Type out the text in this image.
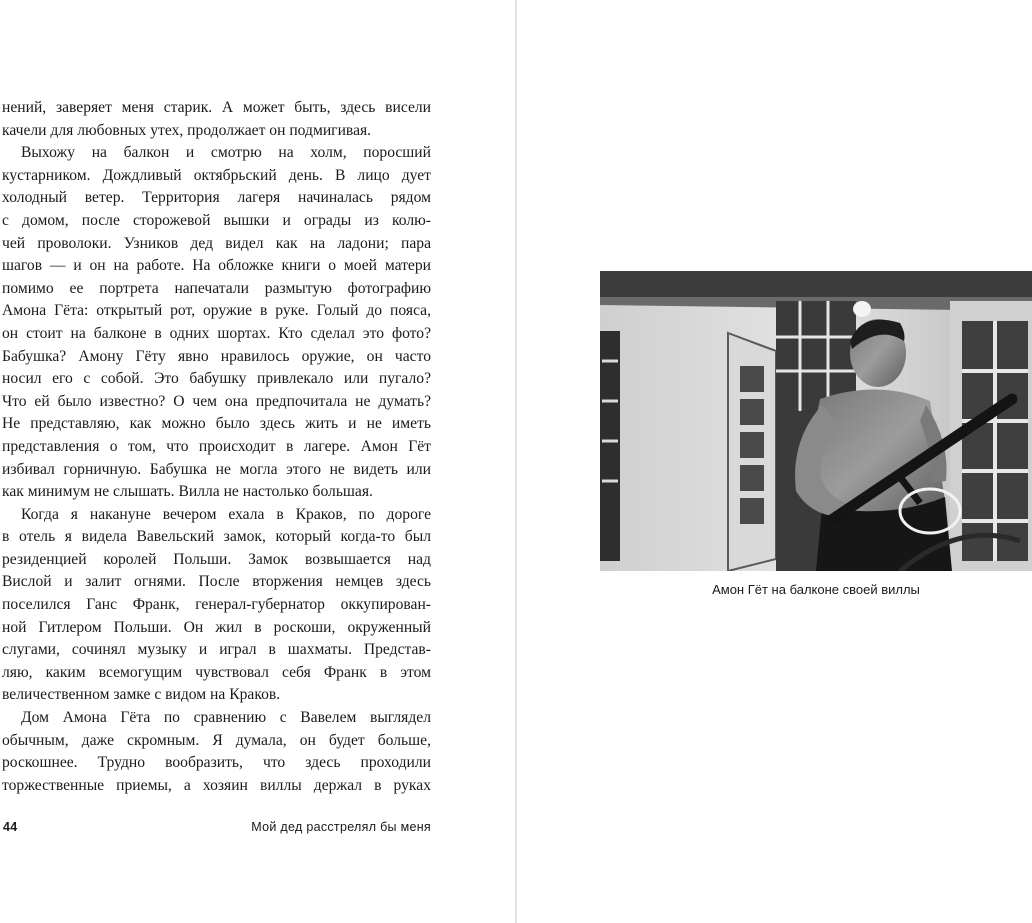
нений, заверяет меня старик. А может быть, здесь висели
качели для любовных утех, продолжает он подмигивая.
Выхожу на балкон и смотрю на холм, поросший
кустарником. Дождливый октябрьский день. В лицо дует
холодный ветер. Территория лагеря начиналась рядом
с домом, после сторожевой вышки и ограды из колю-
чей проволоки. Узников дед видел как на ладони; пара
шагов — и он на работе. На обложке книги о моей матери
помимо ее портрета напечатали размытую фотографию
Амона Гёта: открытый рот, оружие в руке. Голый до пояса,
он стоит на балконе в одних шортах. Кто сделал это фото?
Бабушка? Амону Гёту явно нравилось оружие, он часто
носил его с собой. Это бабушку привлекало или пугало?
Что ей было известно? О чем она предпочитала не думать?
Не представляю, как можно было здесь жить и не иметь
представления о том, что происходит в лагере. Амон Гёт
избивал горничную. Бабушка не могла этого не видеть или
как минимум не слышать. Вилла не настолько большая.
Когда я накануне вечером ехала в Краков, по дороге
в отель я видела Вавельский замок, который когда-то был
резиденцией королей Польши. Замок возвышается над
Вислой и залит огнями. После вторжения немцев здесь
поселился Ганс Франк, генерал-губернатор оккупирован-
ной Гитлером Польши. Он жил в роскоши, окруженный
слугами, сочинял музыку и играл в шахматы. Представ-
ляю, каким всемогущим чувствовал себя Франк в этом
величественном замке с видом на Краков.
Дом Амона Гёта по сравнению с Вавелем выглядел
обычным, даже скромным. Я думала, он будет больше,
роскошнее. Трудно вообразить, что здесь проходили
торжественные приемы, а хозяин виллы держал в руках
44	Мой дед расстрелял бы меня
Амон Гёт на балконе своей виллы
